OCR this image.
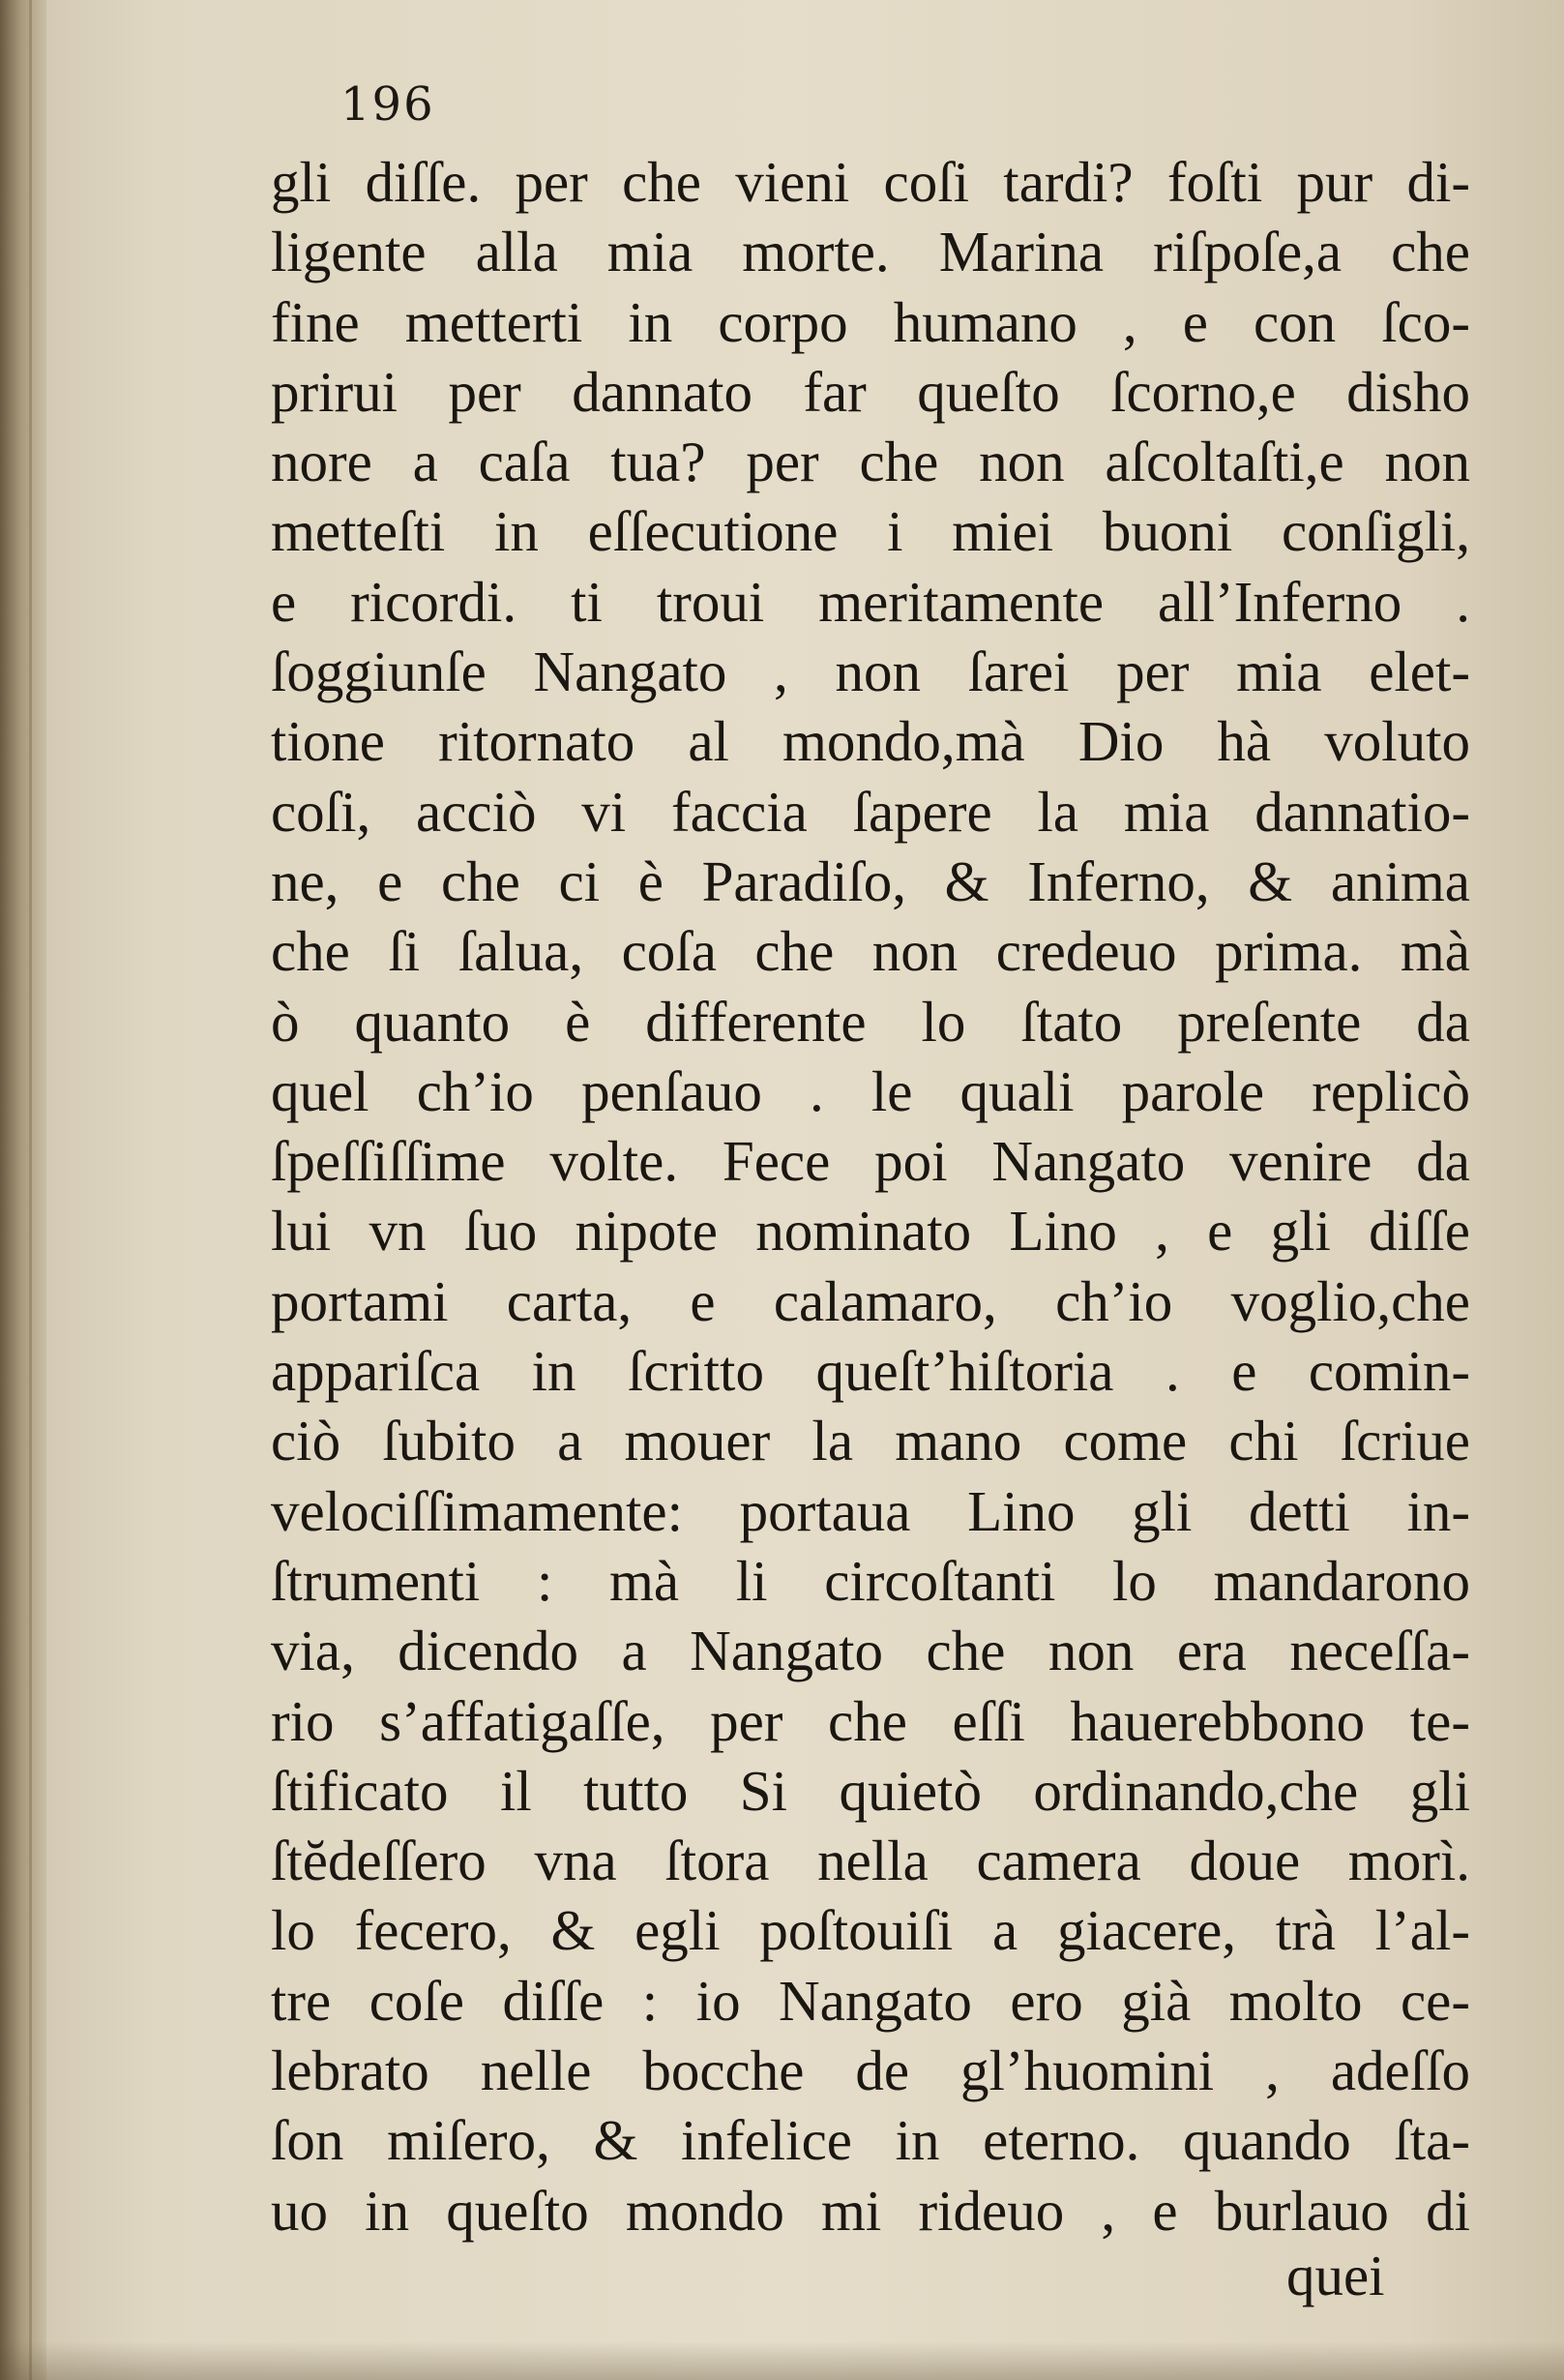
196
gli diſſe. per che vieni coſi tardi? foſti pur di-
ligente alla mia morte. Marina riſpoſe,a che
fine metterti in corpo humano , e con ſco-
prirui per dannato far queſto ſcorno,e disho
nore a caſa tua? per che non aſcoltaſti,e non
metteſti in eſſecutione i miei buoni conſigli,
e ricordi. ti troui meritamente all’Inferno .
ſoggiunſe Nangato , non ſarei per mia elet-
tione ritornato al mondo,mà Dio hà voluto
coſi, acciò vi faccia ſapere la mia dannatio-
ne, e che ci è Paradiſo, & Inferno, & anima
che ſi ſalua, coſa che non credeuo prima. mà
ò quanto è differente lo ſtato preſente da
quel ch’io penſauo . le quali parole replicò
ſpeſſiſſime volte. Fece poi Nangato venire da
lui vn ſuo nipote nominato Lino , e gli diſſe
portami carta, e calamaro, ch’io voglio,che
appariſca in ſcritto queſt’hiſtoria . e comin-
ciò ſubito a mouer la mano come chi ſcriue
velociſſimamente: portaua Lino gli detti in-
ſtrumenti : mà li circoſtanti lo mandarono
via, dicendo a Nangato che non era neceſſa-
rio s’affatigaſſe, per che eſſi hauerebbono te-
ſtificato il tutto Si quietò ordinando,che gli
ſtĕdeſſero vna ſtora nella camera doue morì.
lo fecero, & egli poſtouiſi a giacere, trà l’al-
tre coſe diſſe : io Nangato ero già molto ce-
lebrato nelle bocche de gl’huomini , adeſſo
ſon miſero, & infelice in eterno. quando ſta-
uo in queſto mondo mi rideuo , e burlauo di
quei
